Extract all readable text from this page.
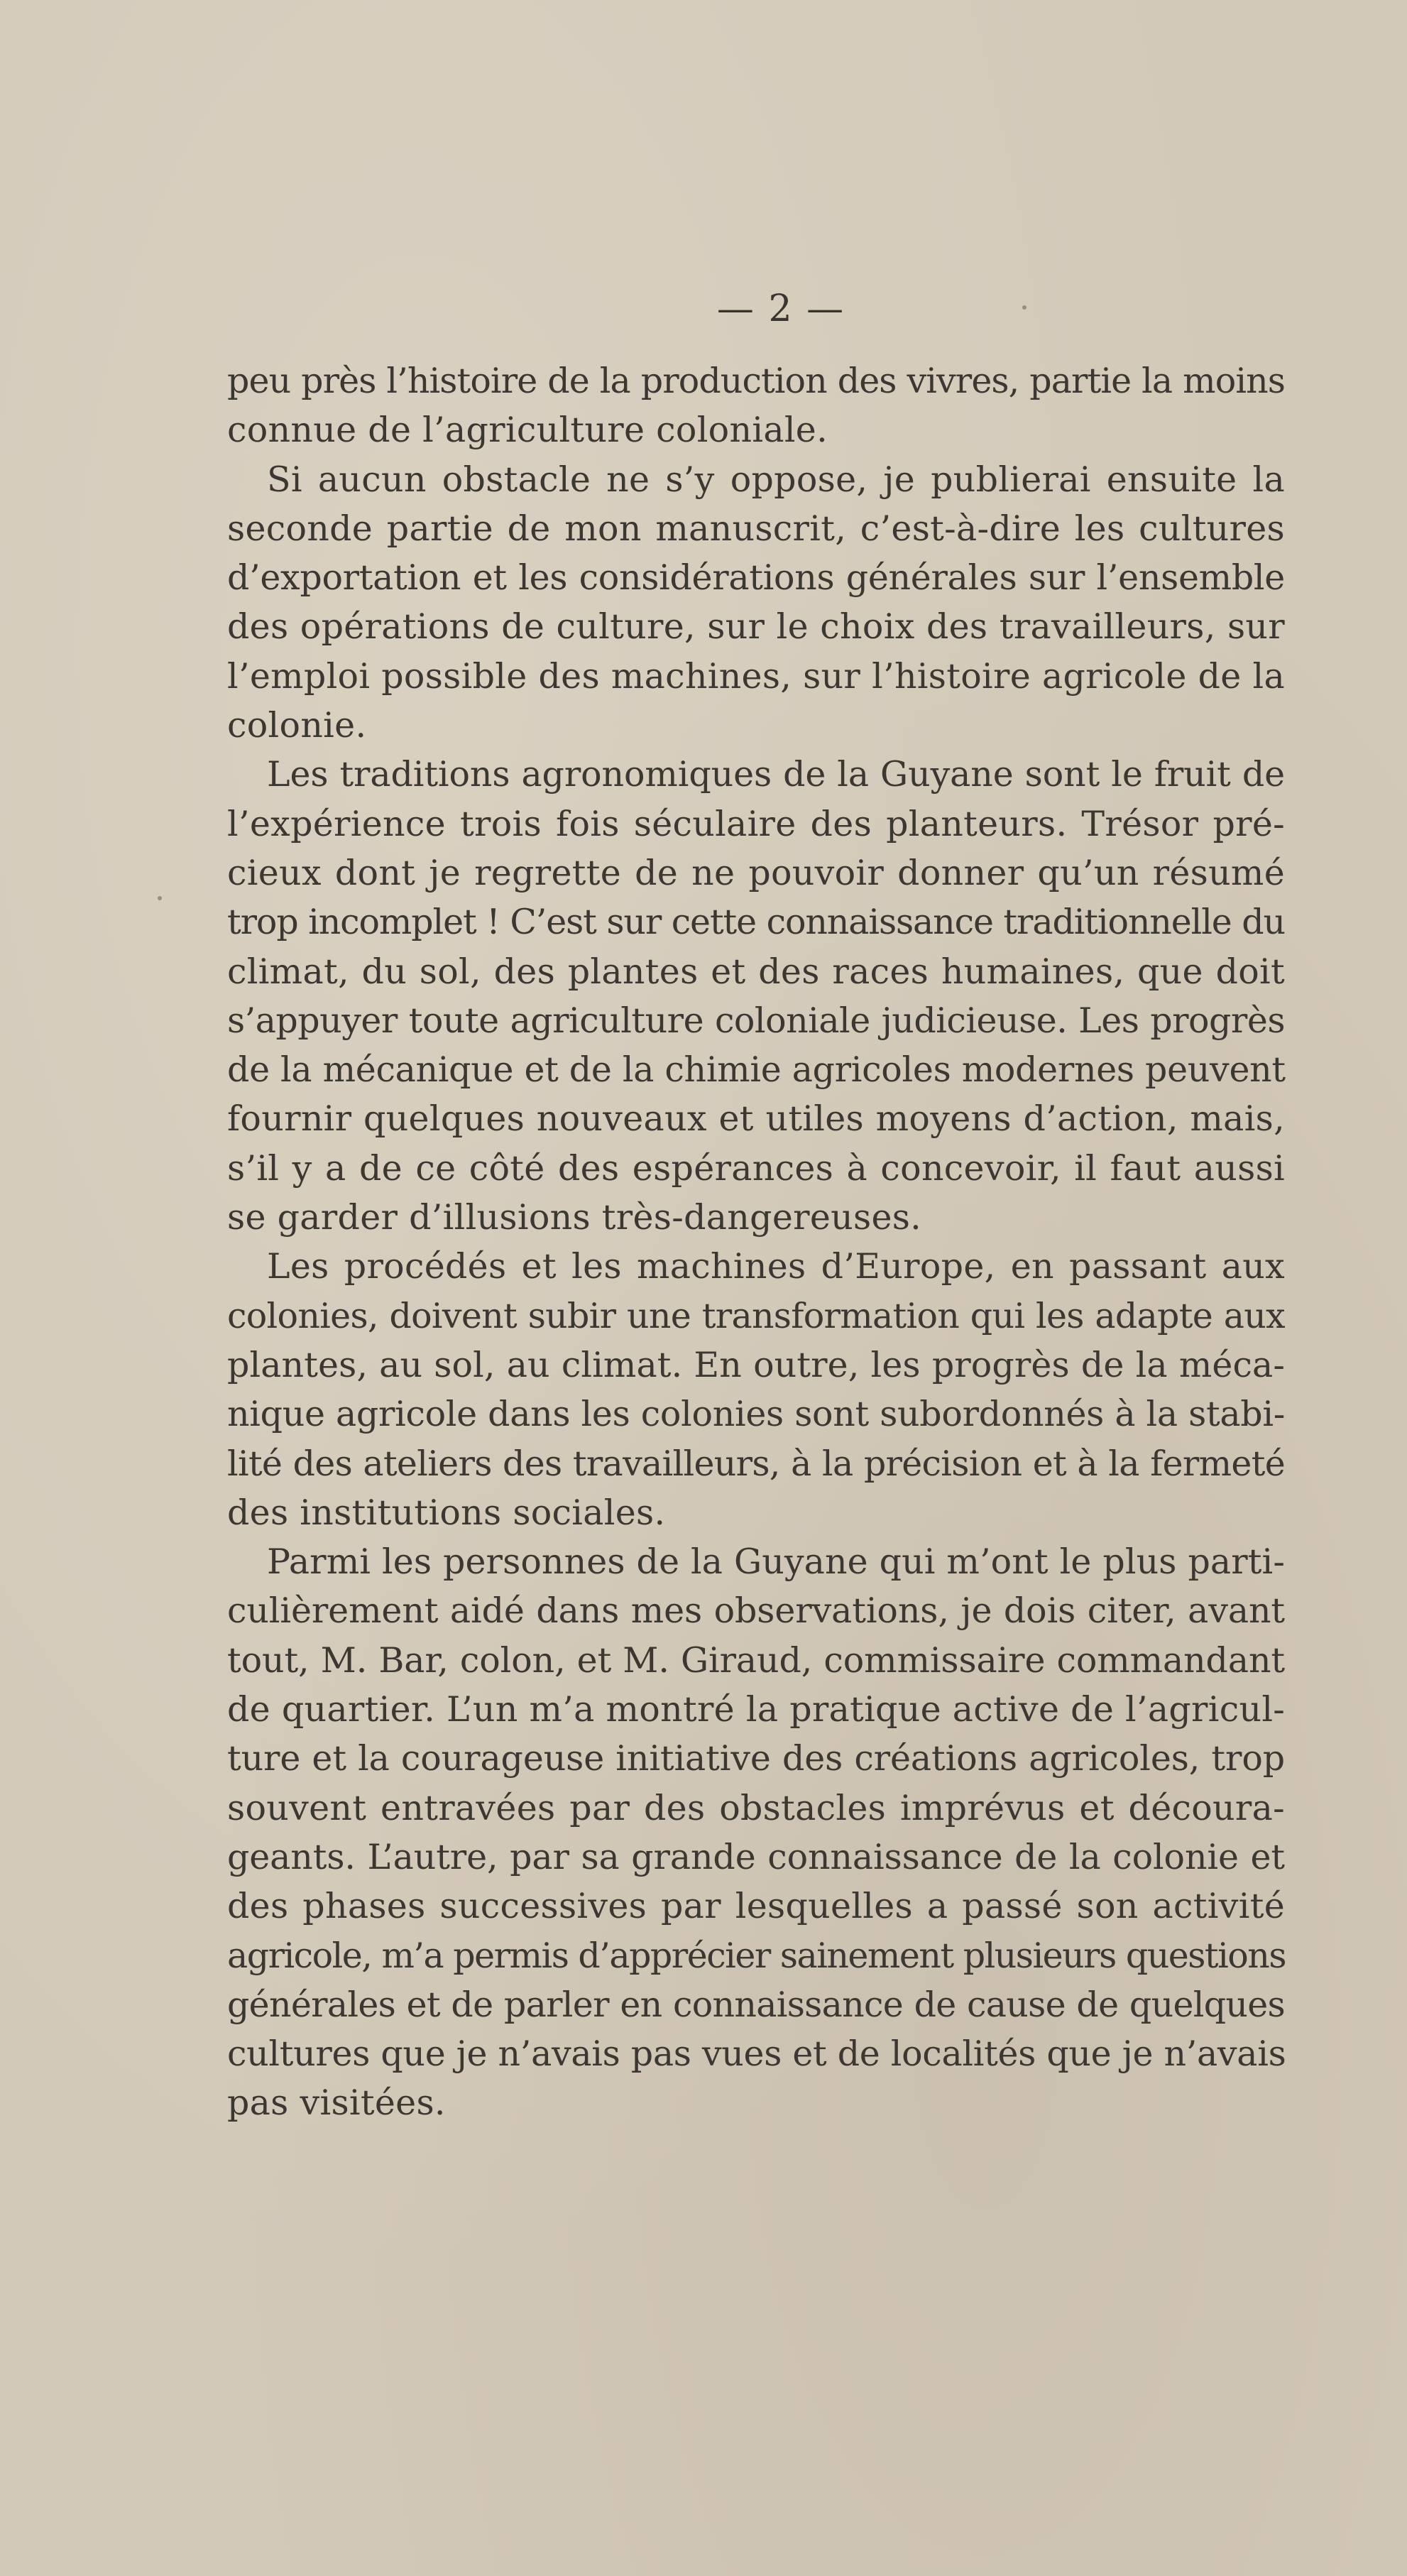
— 2 —
peu près l’histoire de la production des vivres, partie la moins
connue de l’agriculture coloniale.
Si aucun obstacle ne s’y oppose, je publierai ensuite la
seconde partie de mon manuscrit, c’est-à-dire les cultures
d’exportation et les considérations générales sur l’ensemble
des opérations de culture, sur le choix des travailleurs, sur
l’emploi possible des machines, sur l’histoire agricole de la
colonie.
Les traditions agronomiques de la Guyane sont le fruit de
l’expérience trois fois séculaire des planteurs. Trésor pré-
cieux dont je regrette de ne pouvoir donner qu’un résumé
trop incomplet ! C’est sur cette connaissance traditionnelle du
climat, du sol, des plantes et des races humaines, que doit
s’appuyer toute agriculture coloniale judicieuse. Les progrès
de la mécanique et de la chimie agricoles modernes peuvent
fournir quelques nouveaux et utiles moyens d’action, mais,
s’il y a de ce côté des espérances à concevoir, il faut aussi
se garder d’illusions très-dangereuses.
Les procédés et les machines d’Europe, en passant aux
colonies, doivent subir une transformation qui les adapte aux
plantes, au sol, au climat. En outre, les progrès de la méca-
nique agricole dans les colonies sont subordonnés à la stabi-
lité des ateliers des travailleurs, à la précision et à la fermeté
des institutions sociales.
Parmi les personnes de la Guyane qui m’ont le plus parti-
culièrement aidé dans mes observations, je dois citer, avant
tout, M. Bar, colon, et M. Giraud, commissaire commandant
de quartier. L’un m’a montré la pratique active de l’agricul-
ture et la courageuse initiative des créations agricoles, trop
souvent entravées par des obstacles imprévus et découra-
geants. L’autre, par sa grande connaissance de la colonie et
des phases successives par lesquelles a passé son activité
agricole, m’a permis d’apprécier sainement plusieurs questions
générales et de parler en connaissance de cause de quelques
cultures que je n’avais pas vues et de localités que je n’avais
pas visitées.
